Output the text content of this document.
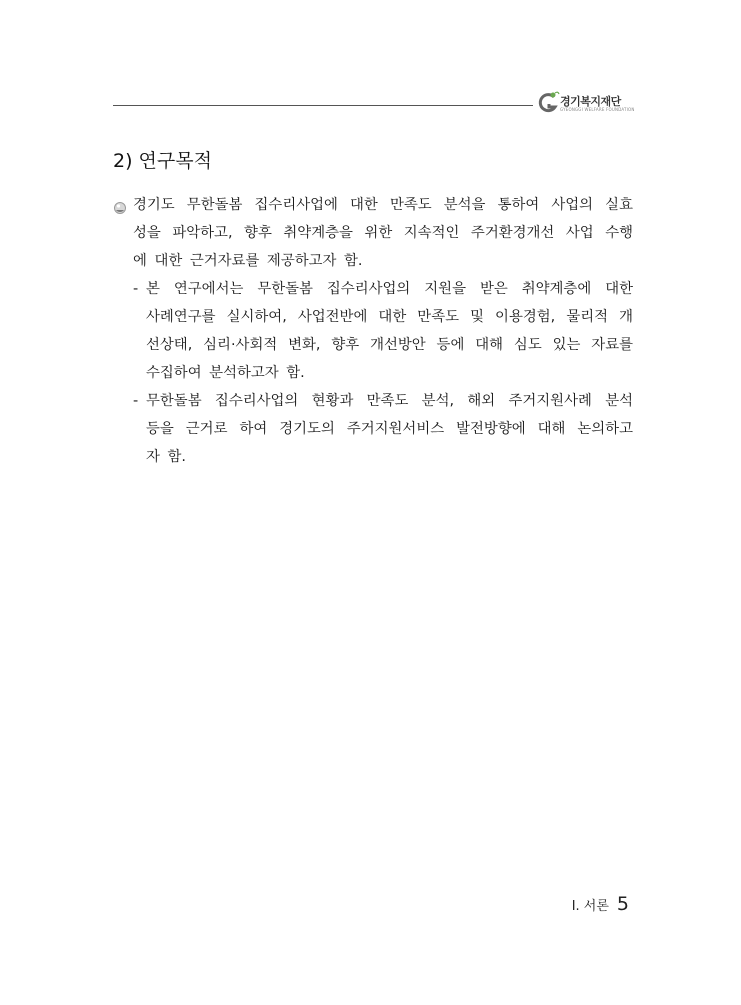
경기복지재단
GYEONGGI WELFARE FOUNDATION
2) 연구목적
경기도 무한돌봄 집수리사업에 대한 만족도 분석을 통하여 사업의 실효
성을 파악하고, 향후 취약계층을 위한 지속적인 주거환경개선 사업 수행
에 대한 근거자료를 제공하고자 함.
- 본 연구에서는 무한돌봄 집수리사업의 지원을 받은 취약계층에 대한
사례연구를 실시하여, 사업전반에 대한 만족도 및 이용경험, 물리적 개
선상태, 심리·사회적 변화, 향후 개선방안 등에 대해 심도 있는 자료를
수집하여 분석하고자 함.
- 무한돌봄 집수리사업의 현황과 만족도 분석, 해외 주거지원사례 분석
등을 근거로 하여 경기도의 주거지원서비스 발전방향에 대해 논의하고
자 함.
Ⅰ. 서론 5
